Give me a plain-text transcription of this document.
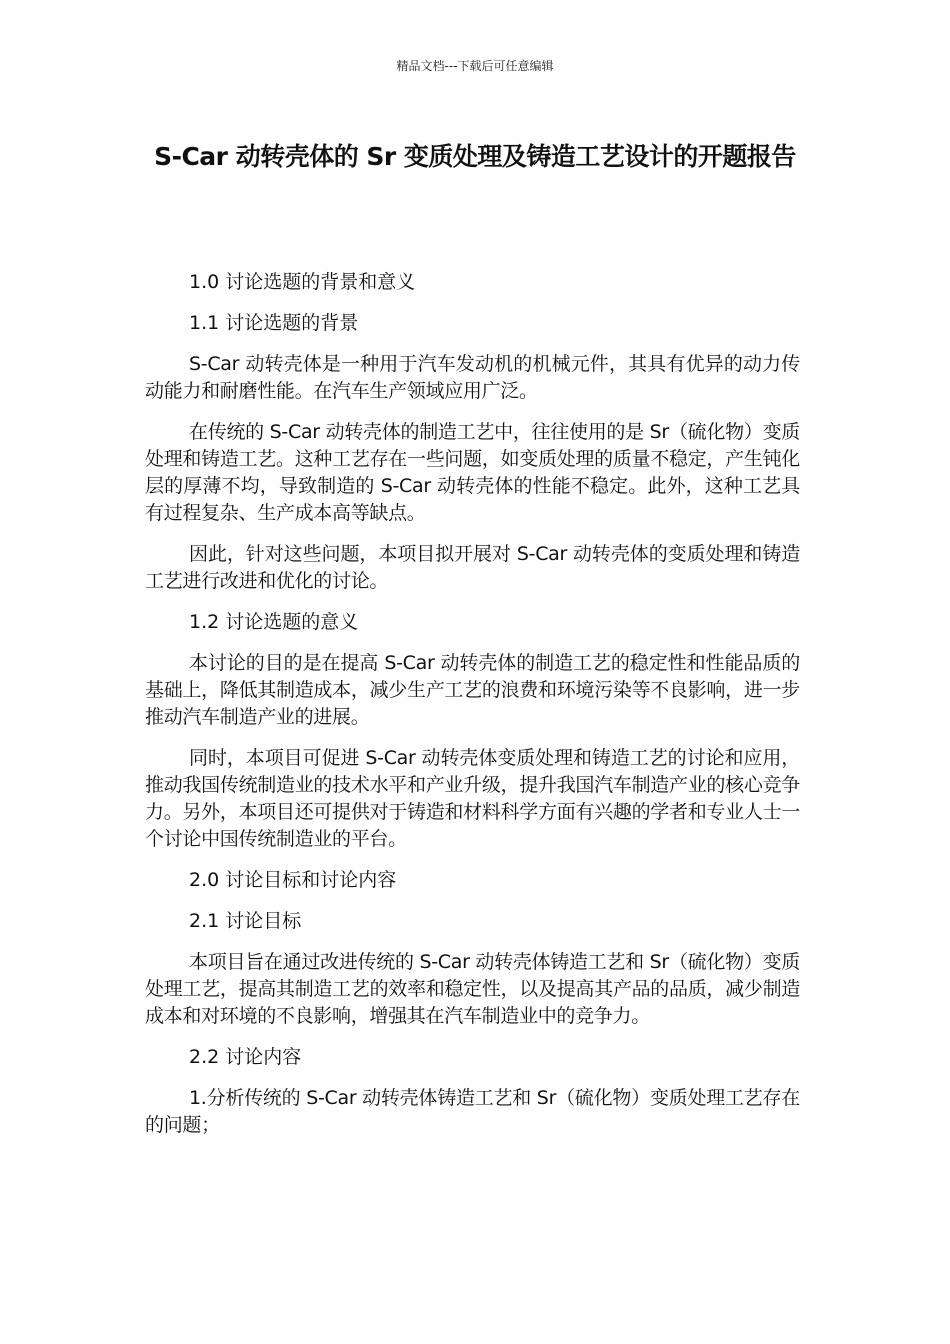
精品文档---下载后可任意编辑
S-Car 动转壳体的 Sr 变质处理及铸造工艺设计的开题报告

1.0 讨论选题的背景和意义

1.1 讨论选题的背景

S-Car 动转壳体是一种用于汽车发动机的机械元件，其具有优异的动力传动能力和耐磨性能。在汽车生产领域应用广泛。

在传统的 S-Car 动转壳体的制造工艺中，往往使用的是 Sr（硫化物）变质处理和铸造工艺。这种工艺存在一些问题，如变质处理的质量不稳定，产生钝化层的厚薄不均，导致制造的 S-Car 动转壳体的性能不稳定。此外，这种工艺具有过程复杂、生产成本高等缺点。

因此，针对这些问题，本项目拟开展对 S-Car 动转壳体的变质处理和铸造工艺进行改进和优化的讨论。

1.2 讨论选题的意义

本讨论的目的是在提高 S-Car 动转壳体的制造工艺的稳定性和性能品质的基础上，降低其制造成本，减少生产工艺的浪费和环境污染等不良影响，进一步推动汽车制造产业的进展。

同时，本项目可促进 S-Car 动转壳体变质处理和铸造工艺的讨论和应用，推动我国传统制造业的技术水平和产业升级，提升我国汽车制造产业的核心竞争力。另外，本项目还可提供对于铸造和材料科学方面有兴趣的学者和专业人士一个讨论中国传统制造业的平台。

2.0 讨论目标和讨论内容

2.1 讨论目标

本项目旨在通过改进传统的 S-Car 动转壳体铸造工艺和 Sr（硫化物）变质处理工艺，提高其制造工艺的效率和稳定性，以及提高其产品的品质，减少制造成本和对环境的不良影响，增强其在汽车制造业中的竞争力。

2.2 讨论内容

1.分析传统的 S-Car 动转壳体铸造工艺和 Sr（硫化物）变质处理工艺存在的问题；
